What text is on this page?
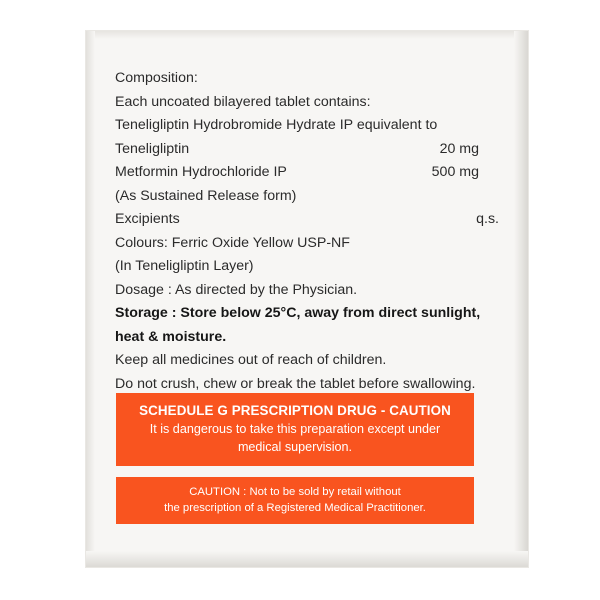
Composition:
Each uncoated bilayered tablet contains:
Teneligliptin Hydrobromide Hydrate IP equivalent to
Teneligliptin	20 mg
Metformin Hydrochloride IP	500 mg
(As Sustained Release form)
Excipients	q.s.
Colours: Ferric Oxide Yellow USP-NF
(In Teneligliptin Layer)
Dosage : As directed by the Physician.
Storage : Store below 25°C, away from direct sunlight,
heat & moisture.
Keep all medicines out of reach of children.
Do not crush, chew or break the tablet before swallowing.
SCHEDULE G PRESCRIPTION DRUG - CAUTION
It is dangerous to take this preparation except under
medical supervision.
CAUTION : Not to be sold by retail without
the prescription of a Registered Medical Practitioner.
